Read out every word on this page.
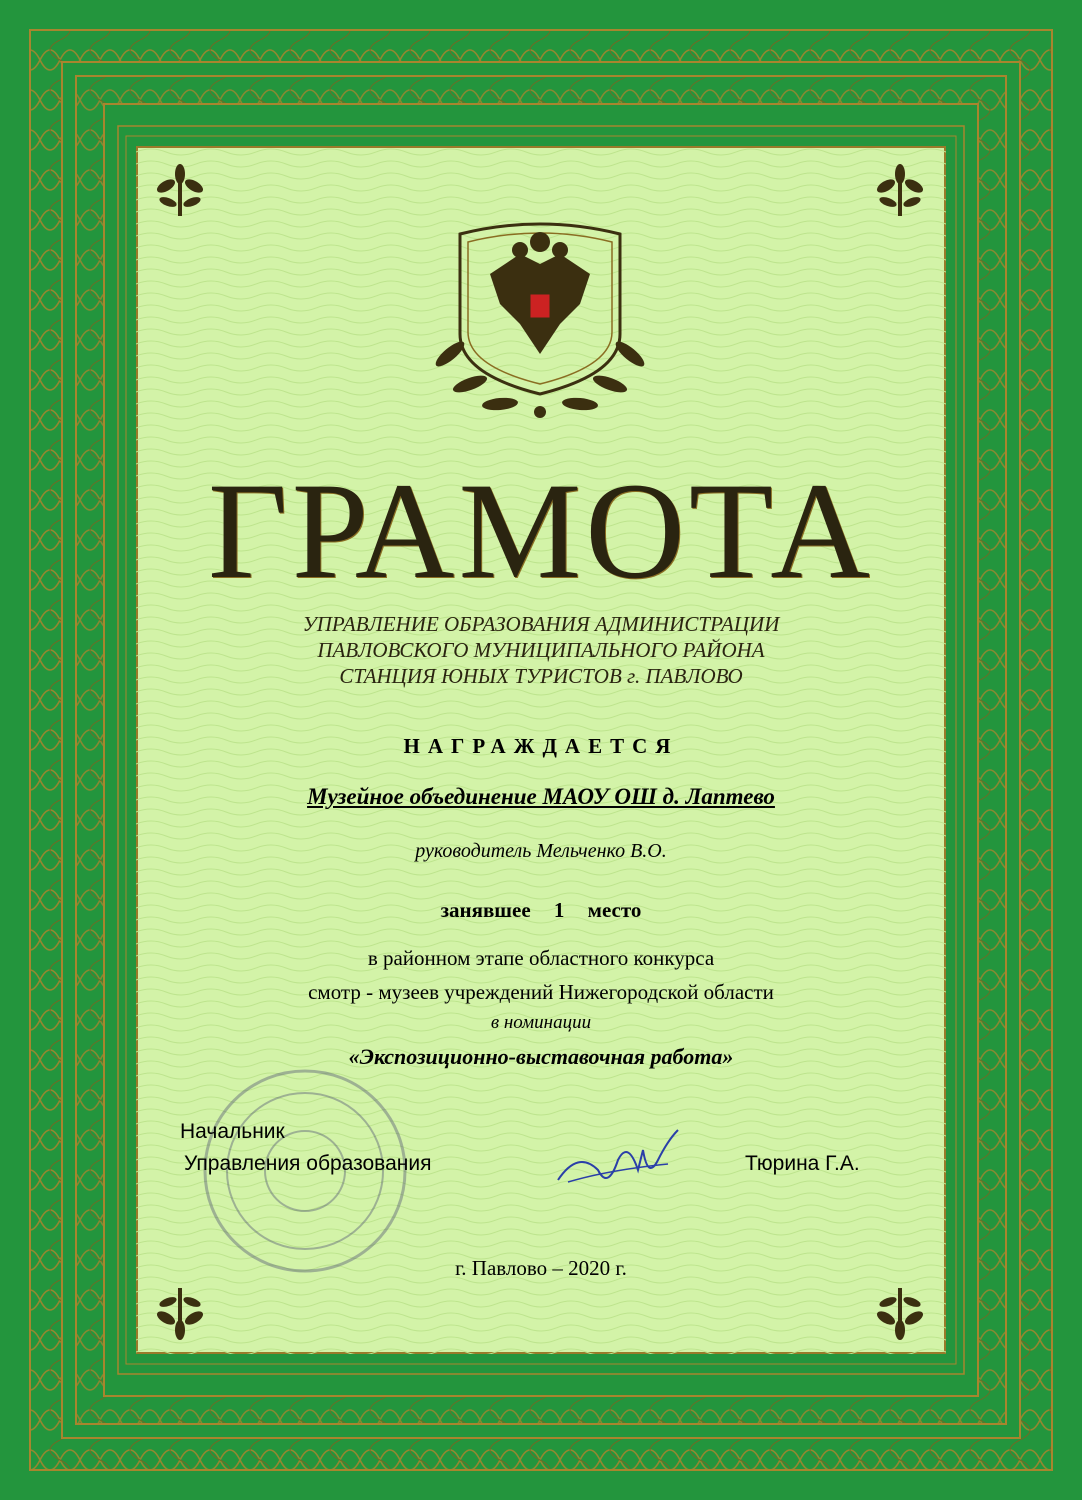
ГРАМОТА
УПРАВЛЕНИЕ ОБРАЗОВАНИЯ АДМИНИСТРАЦИИ
ПАВЛОВСКОГО МУНИЦИПАЛЬНОГО РАЙОНА
СТАНЦИЯ ЮНЫХ ТУРИСТОВ г. ПАВЛОВО
НАГРАЖДАЕТСЯ
Музейное объединение МАОУ ОШ д. Лаптево
руководитель Мельченко В.О.
занявшее 1 место
в районном этапе областного конкурса
смотр - музеев учреждений Нижегородской области
в номинации
«Экспозиционно-выставочная работа»
Начальник
Управления образования	Тюрина Г.А.
г. Павлово – 2020 г.
